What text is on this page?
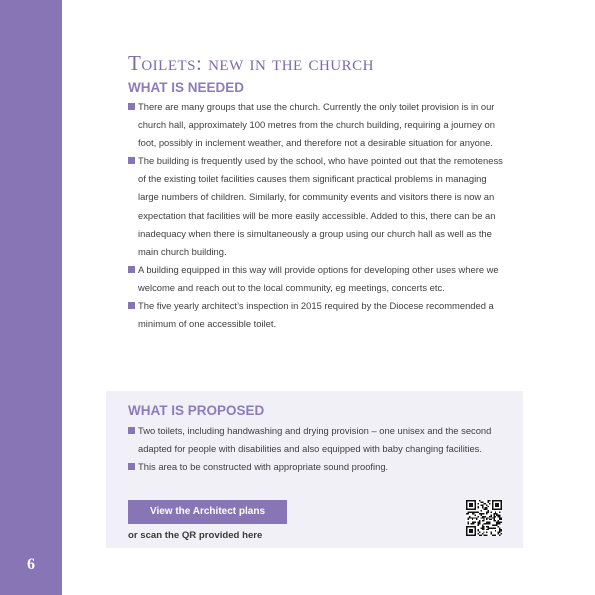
6
Toilets: new in the church
WHAT IS NEEDED
There are many groups that use the church. Currently the only toilet provision is in our church hall, approximately 100 metres from the church building, requiring a journey on foot, possibly in inclement weather, and therefore not a desirable situation for anyone.
The building is frequently used by the school, who have pointed out that the remoteness of the existing toilet facilities causes them significant practical problems in managing large numbers of children. Similarly, for community events and visitors there is now an expectation that facilities will be more easily accessible. Added to this, there can be an inadequacy when there is simultaneously a group using our church hall as well as the main church building.
A building equipped in this way will provide options for developing other uses where we welcome and reach out to the local community, eg meetings, concerts etc.
The five yearly architect’s inspection in 2015 required by the Diocese recommended a minimum of one accessible toilet.
WHAT IS PROPOSED
Two toilets, including handwashing and drying provision – one unisex and the second adapted for people with disabilities and also equipped with baby changing facilities.
This area to be constructed with appropriate sound proofing.
View the Architect plans
or scan the QR provided here
